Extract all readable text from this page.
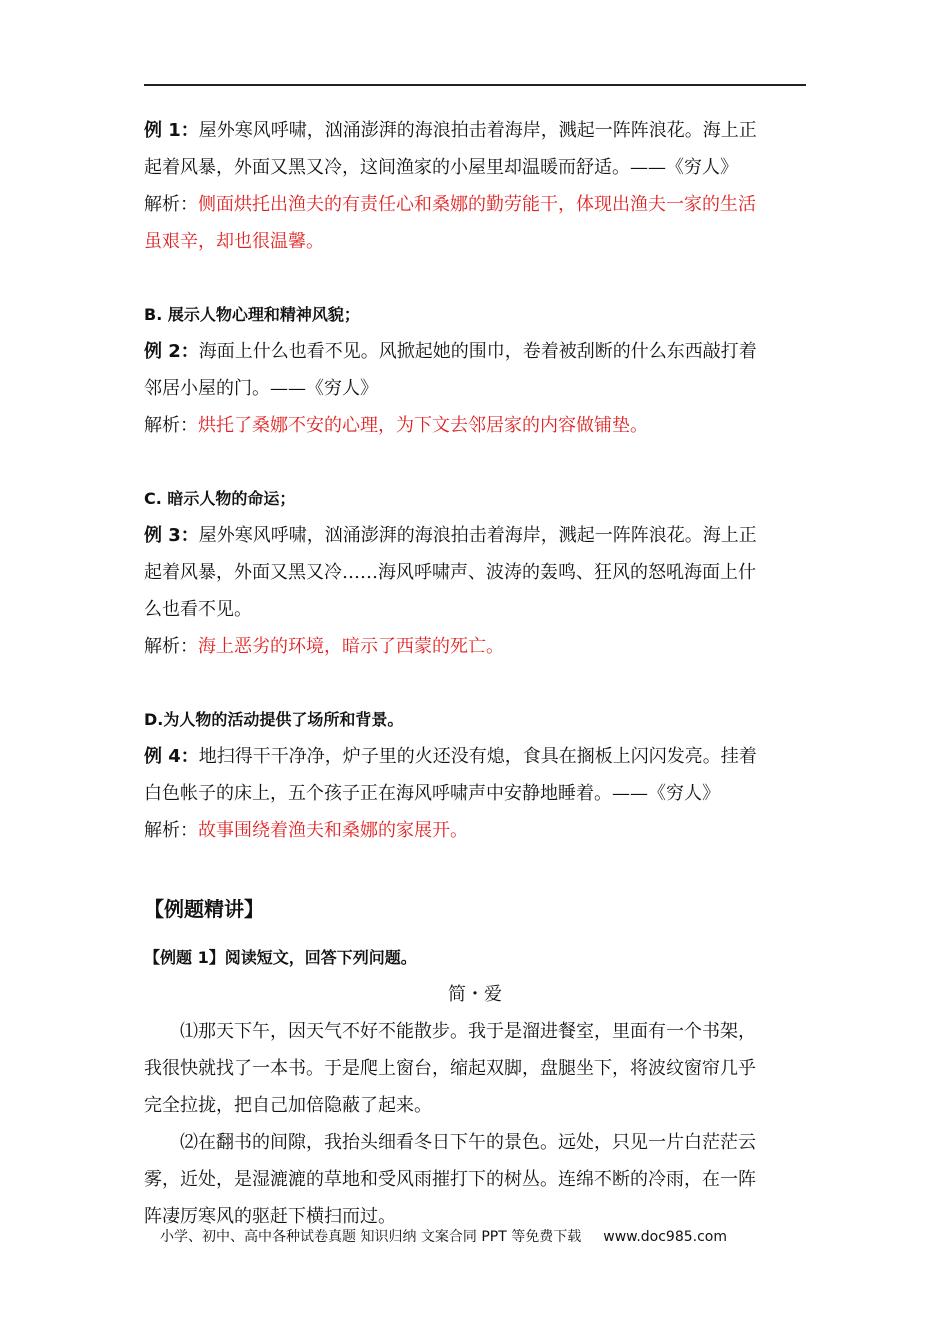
例 1：屋外寒风呼啸，汹涌澎湃的海浪拍击着海岸，溅起一阵阵浪花。海上正

起着风暴，外面又黑又冷，这间渔家的小屋里却温暖而舒适。——《穷人》

解析：侧面烘托出渔夫的有责任心和桑娜的勤劳能干，体现出渔夫一家的生活

虽艰辛，却也很温馨。

B. 展示人物心理和精神风貌；

例 2：海面上什么也看不见。风掀起她的围巾，卷着被刮断的什么东西敲打着

邻居小屋的门。——《穷人》

解析：烘托了桑娜不安的心理，为下文去邻居家的内容做铺垫。

C. 暗示人物的命运；

例 3：屋外寒风呼啸，汹涌澎湃的海浪拍击着海岸，溅起一阵阵浪花。海上正

起着风暴，外面又黑又冷……海风呼啸声、波涛的轰鸣、狂风的怒吼海面上什

么也看不见。

解析：海上恶劣的环境，暗示了西蒙的死亡。

D.为人物的活动提供了场所和背景。

例 4：地扫得干干净净，炉子里的火还没有熄，食具在搁板上闪闪发亮。挂着

白色帐子的床上，五个孩子正在海风呼啸声中安静地睡着。——《穷人》

解析：故事围绕着渔夫和桑娜的家展开。

【例题精讲】

【例题 1】阅读短文，回答下列问题。

简・爱

⑴那天下午，因天气不好不能散步。我于是溜进餐室，里面有一个书架，

我很快就找了一本书。于是爬上窗台，缩起双脚，盘腿坐下，将波纹窗帘几乎

完全拉拢，把自己加倍隐蔽了起来。

⑵在翻书的间隙，我抬头细看冬日下午的景色。远处，只见一片白茫茫云

雾，近处，是湿漉漉的草地和受风雨摧打下的树丛。连绵不断的冷雨，在一阵

阵凄厉寒风的驱赶下横扫而过。

小学、初中、高中各种试卷真题 知识归纳 文案合同 PPT 等免费下载 www.doc985.com
